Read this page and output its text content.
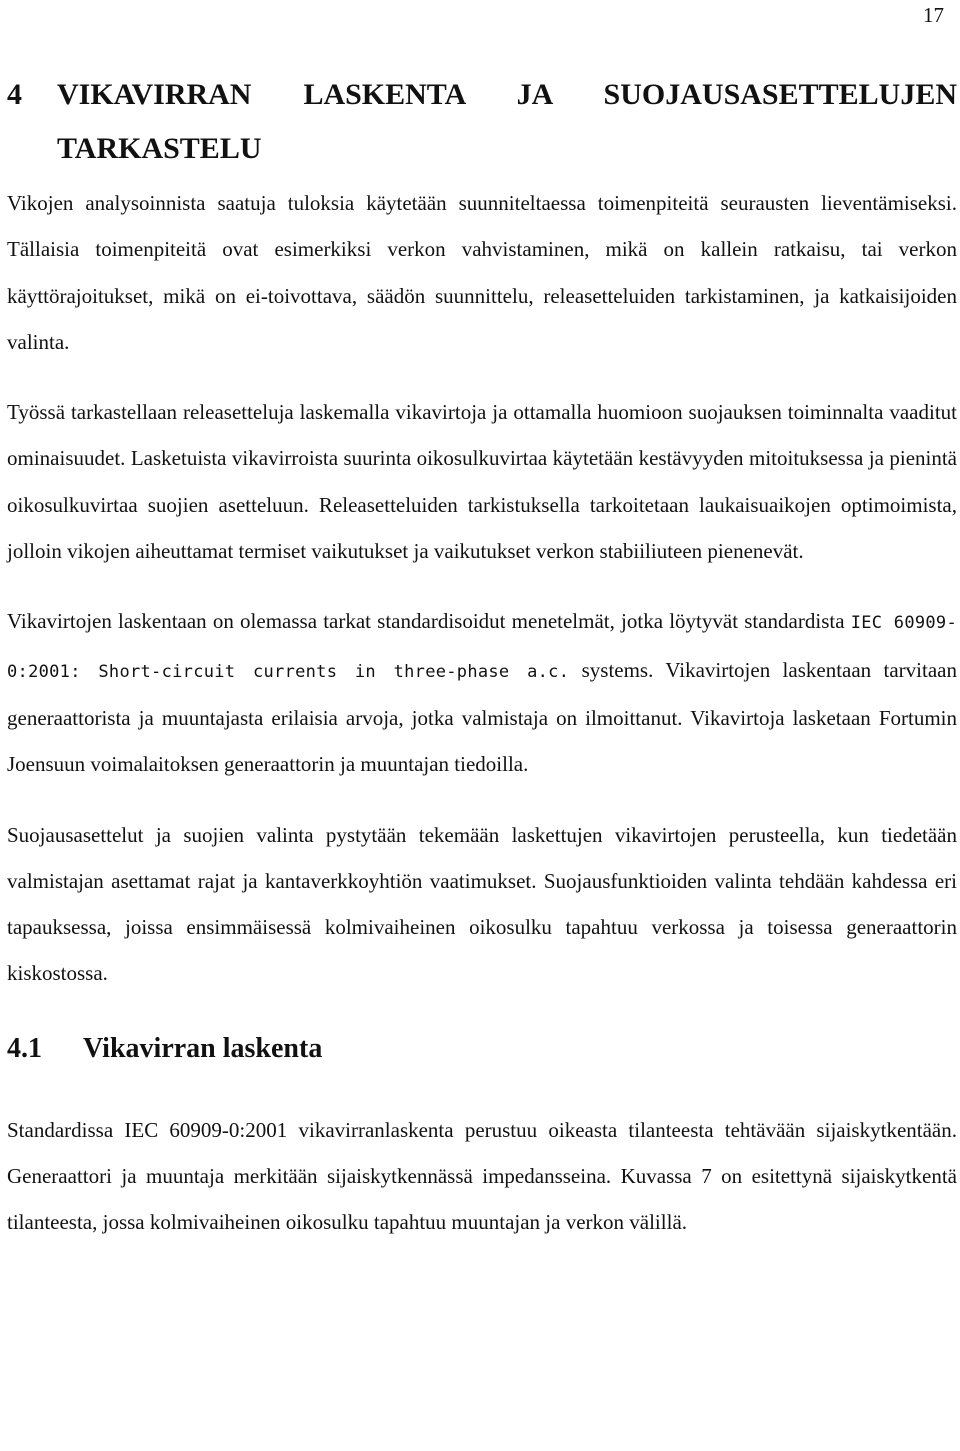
17
4	VIKAVIRRAN LASKENTA JA SUOJAUSASETTELUJEN TARKASTELU

Vikojen analysoinnista saatuja tuloksia käytetään suunniteltaessa toimenpiteitä seurausten lieventämiseksi. Tällaisia toimenpiteitä ovat esimerkiksi verkon vahvistaminen, mikä on kallein ratkaisu, tai verkon käyttörajoitukset, mikä on ei-toivottava, säädön suunnittelu, releasetteluiden tarkistaminen, ja katkaisijoiden valinta.

Työssä tarkastellaan releasetteluja laskemalla vikavirtoja ja ottamalla huomioon suojauksen toiminnalta vaaditut ominaisuudet. Lasketuista vikavirroista suurinta oikosulkuvirtaa käytetään kestävyyden mitoituksessa ja pienintä oikosulkuvirtaa suojien asetteluun. Releasetteluiden tarkistuksella tarkoitetaan laukaisuaikojen optimoimista, jolloin vikojen aiheuttamat termiset vaikutukset ja vaikutukset verkon stabiiliuteen pienenevät.

Vikavirtojen laskentaan on olemassa tarkat standardisoidut menetelmät, jotka löytyvät standardista IEC 60909-0:2001: Short-circuit currents in three-phase a.c. systems. Vikavirtojen laskentaan tarvitaan generaattorista ja muuntajasta erilaisia arvoja, jotka valmistaja on ilmoittanut. Vikavirtoja lasketaan Fortumin Joensuun voimalaitoksen generaattorin ja muuntajan tiedoilla.

Suojausasettelut ja suojien valinta pystytään tekemään laskettujen vikavirtojen perusteella, kun tiedetään valmistajan asettamat rajat ja kantaverkkoyhtiön vaatimukset. Suojausfunktioiden valinta tehdään kahdessa eri tapauksessa, joissa ensimmäisessä kolmivaiheinen oikosulku tapahtuu verkossa ja toisessa generaattorin kiskostossa.

4.1	Vikavirran laskenta

Standardissa IEC 60909-0:2001 vikavirranlaskenta perustuu oikeasta tilanteesta tehtävään sijaiskytkentään. Generaattori ja muuntaja merkitään sijaiskytkennässä impedansseina. Kuvassa 7 on esitettynä sijaiskytkentä tilanteesta, jossa kolmivaiheinen oikosulku tapahtuu muuntajan ja verkon välillä.
